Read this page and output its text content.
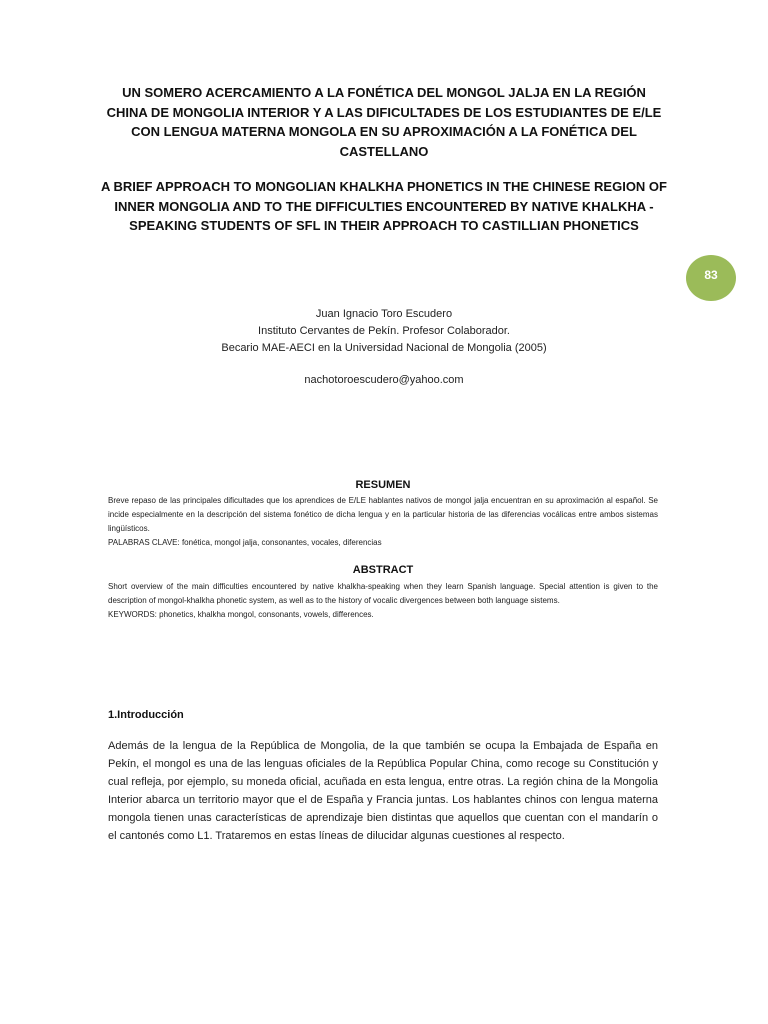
UN SOMERO ACERCAMIENTO A LA FONÉTICA DEL MONGOL JALJA EN LA REGIÓN CHINA DE MONGOLIA INTERIOR Y A LAS DIFICULTADES DE LOS ESTUDIANTES DE E/LE CON LENGUA MATERNA MONGOLA EN SU APROXIMACIÓN A LA FONÉTICA DEL CASTELLANO
A BRIEF APPROACH TO MONGOLIAN KHALKHA PHONETICS IN THE CHINESE REGION OF INNER MONGOLIA AND TO THE DIFFICULTIES ENCOUNTERED BY NATIVE KHALKHA -SPEAKING STUDENTS OF SFL IN THEIR APPROACH TO CASTILLIAN PHONETICS
83
Juan Ignacio Toro Escudero
Instituto Cervantes de Pekín. Profesor Colaborador.
Becario MAE-AECI en la Universidad Nacional de Mongolia (2005)
nachotoroescudero@yahoo.com
RESUMEN
Breve repaso de las principales dificultades que los aprendices de E/LE hablantes nativos de mongol jalja encuentran en su aproximación al español. Se incide especialmente en la descripción del sistema fonético de dicha lengua y en la particular historia de las diferencias vocálicas entre ambos sistemas lingüísticos.
PALABRAS CLAVE: fonética, mongol jalja, consonantes, vocales, diferencias
ABSTRACT
Short overview of the main difficulties encountered by native khalkha-speaking when they learn Spanish language. Special attention is given to the description of mongol-khalkha phonetic system, as well as to the history of vocalic divergences between both language sistems.
KEYWORDS: phonetics, khalkha mongol, consonants, vowels, differences.
1.Introducción
Además de la lengua de la República de Mongolia, de la que también se ocupa la Embajada de España en Pekín, el mongol es una de las lenguas oficiales de la República Popular China, como recoge su Constitución y cual refleja, por ejemplo, su moneda oficial, acuñada en esta lengua, entre otras. La región china de la Mongolia Interior abarca un territorio mayor que el de España y Francia juntas. Los hablantes chinos con lengua materna mongola tienen unas características de aprendizaje bien distintas que aquellos que cuentan con el mandarín o el cantonés como L1. Trataremos en estas líneas de dilucidar algunas cuestiones al respecto.
